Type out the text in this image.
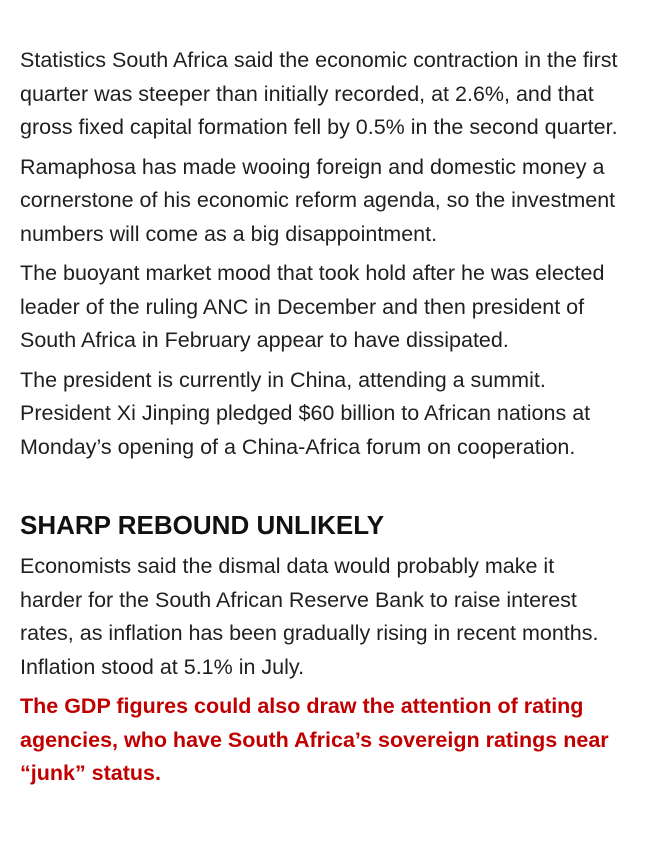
Statistics South Africa said the economic contraction in the first quarter was steeper than initially recorded, at 2.6%, and that gross fixed capital formation fell by 0.5% in the second quarter.

Ramaphosa has made wooing foreign and domestic money a cornerstone of his economic reform agenda, so the investment numbers will come as a big disappointment.

The buoyant market mood that took hold after he was elected leader of the ruling ANC in December and then president of South Africa in February appear to have dissipated.

The president is currently in China, attending a summit. President Xi Jinping pledged $60 billion to African nations at Monday’s opening of a China-Africa forum on cooperation.

SHARP REBOUND UNLIKELY

Economists said the dismal data would probably make it harder for the South African Reserve Bank to raise interest rates, as inflation has been gradually rising in recent months. Inflation stood at 5.1% in July.

The GDP figures could also draw the attention of rating agencies, who have South Africa’s sovereign ratings near “junk” status.
